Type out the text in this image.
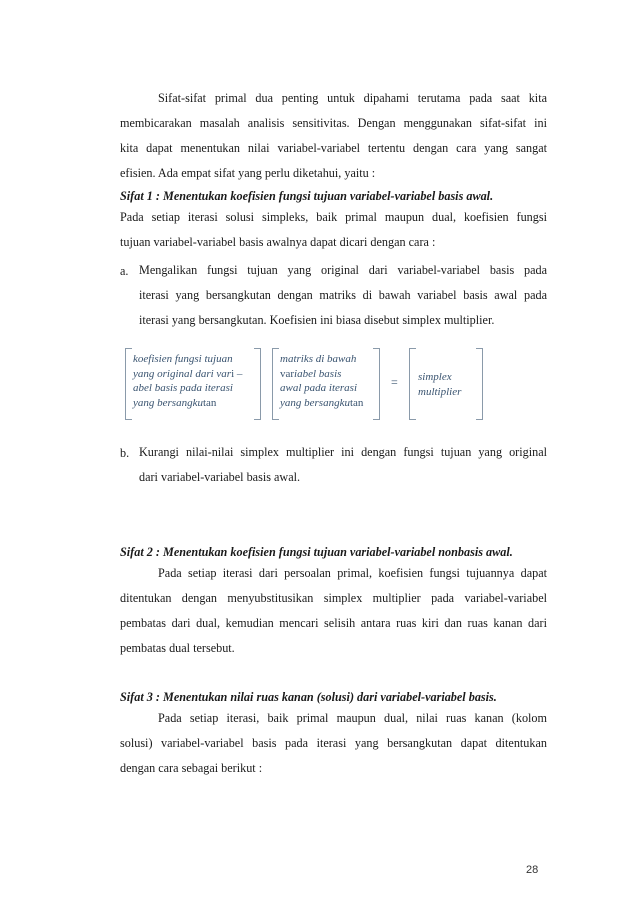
Sifat-sifat primal dua penting untuk dipahami terutama pada saat kita
membicarakan masalah analisis sensitivitas. Dengan menggunakan sifat-sifat ini
kita dapat menentukan nilai variabel-variabel tertentu dengan cara yang sangat
efisien. Ada empat sifat yang perlu diketahui, yaitu :
Sifat 1 : Menentukan koefisien fungsi tujuan variabel-variabel basis awal.
Pada setiap iterasi solusi simpleks, baik primal maupun dual, koefisien fungsi
tujuan variabel-variabel basis awalnya dapat dicari dengan cara :
a. Mengalikan fungsi tujuan yang original dari variabel-variabel basis pada
iterasi yang bersangkutan dengan matriks di bawah variabel basis awal pada
iterasi yang bersangkutan. Koefisien ini biasa disebut simplex multiplier.
koefisien fungsi tujuan
yang original dari vari –
abel basis pada iterasi
yang bersangkutan
matriks di bawah
variabel basis
awal pada iterasi
yang bersangkutan
= simplex
multiplier
b. Kurangi nilai-nilai simplex multiplier ini dengan fungsi tujuan yang original
dari variabel-variabel basis awal.
Sifat 2 : Menentukan koefisien fungsi tujuan variabel-variabel nonbasis awal.
Pada setiap iterasi dari persoalan primal, koefisien fungsi tujuannya dapat
ditentukan dengan menyubstitusikan simplex multiplier pada variabel-variabel
pembatas dari dual, kemudian mencari selisih antara ruas kiri dan ruas kanan dari
pembatas dual tersebut.
Sifat 3 : Menentukan nilai ruas kanan (solusi) dari variabel-variabel basis.
Pada setiap iterasi, baik primal maupun dual, nilai ruas kanan (kolom
solusi) variabel-variabel basis pada iterasi yang bersangkutan dapat ditentukan
dengan cara sebagai berikut :
28
